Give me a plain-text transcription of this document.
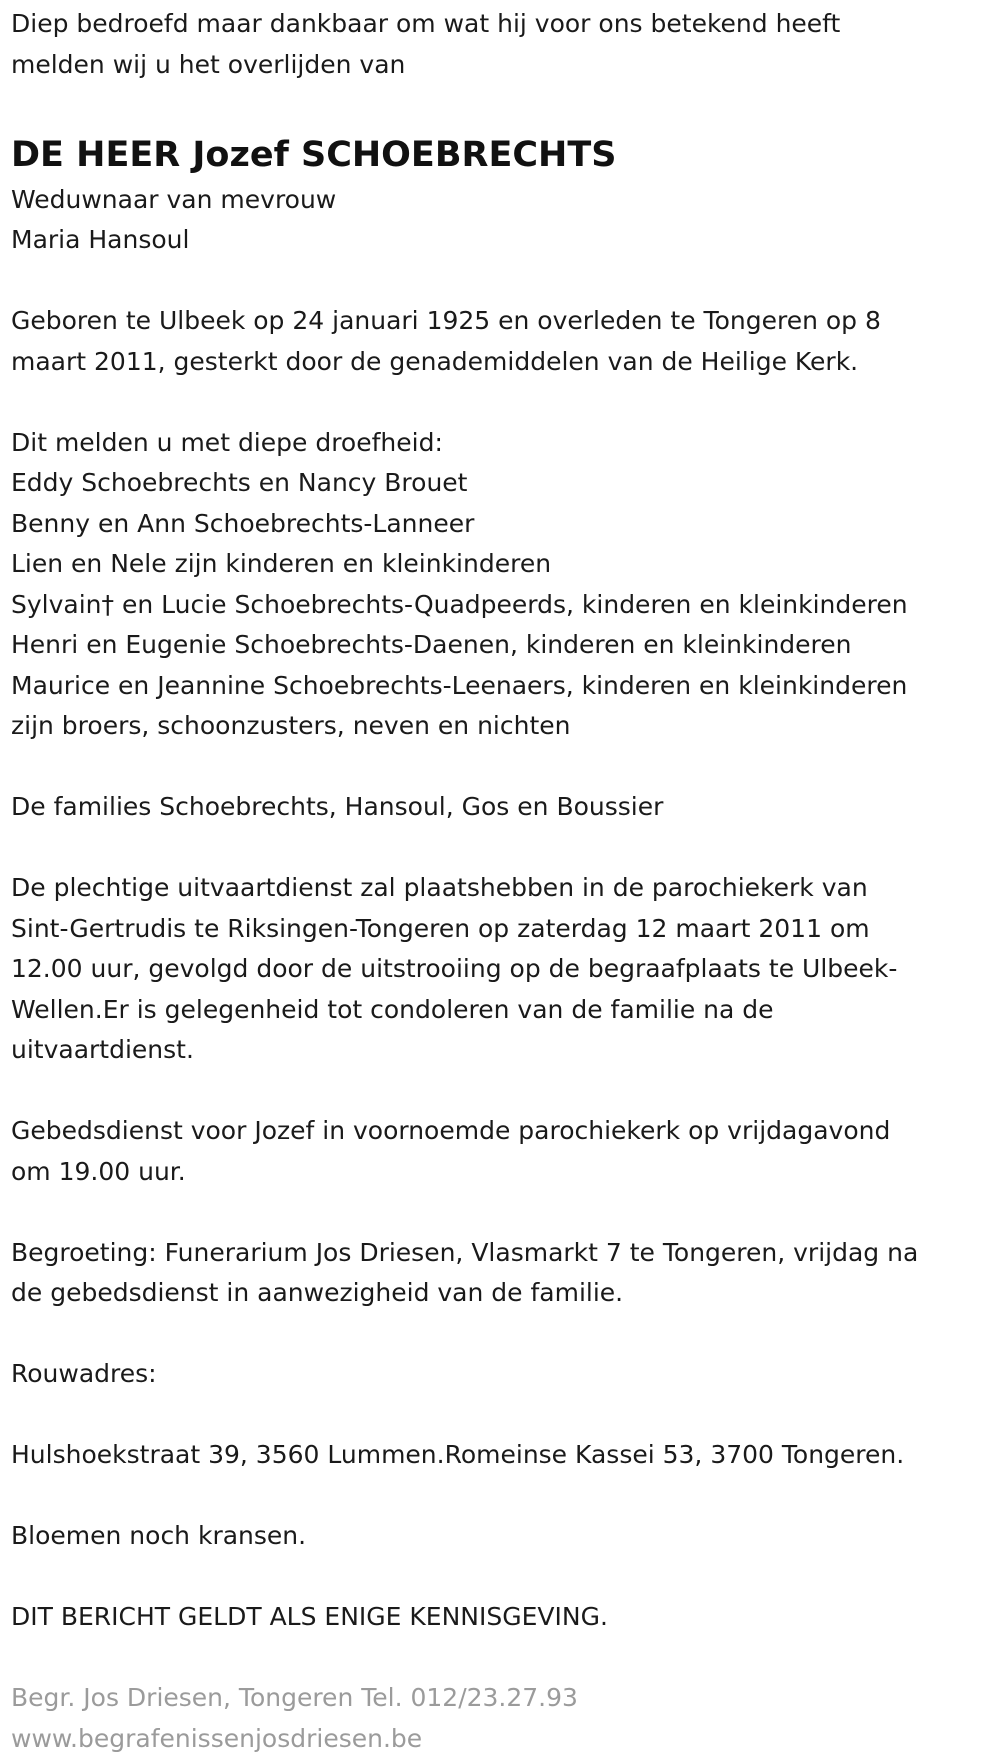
Diep bedroefd maar dankbaar om wat hij voor ons betekend heeft

melden wij u het overlijden van

DE HEER Jozef SCHOEBRECHTS

Weduwnaar van mevrouw

Maria Hansoul

Geboren te Ulbeek op 24 januari 1925 en overleden te Tongeren op 8

maart 2011, gesterkt door de genademiddelen van de Heilige Kerk.

Dit melden u met diepe droefheid:

Eddy Schoebrechts en Nancy Brouet

Benny en Ann Schoebrechts-Lanneer

Lien en Nele zijn kinderen en kleinkinderen

Sylvain† en Lucie Schoebrechts-Quadpeerds, kinderen en kleinkinderen

Henri en Eugenie Schoebrechts-Daenen, kinderen en kleinkinderen

Maurice en Jeannine Schoebrechts-Leenaers, kinderen en kleinkinderen

zijn broers, schoonzusters, neven en nichten

De families Schoebrechts, Hansoul, Gos en Boussier

De plechtige uitvaartdienst zal plaatshebben in de parochiekerk van

Sint-Gertrudis te Riksingen-Tongeren op zaterdag 12 maart 2011 om

12.00 uur, gevolgd door de uitstrooiing op de begraafplaats te Ulbeek-

Wellen.Er is gelegenheid tot condoleren van de familie na de

uitvaartdienst.

Gebedsdienst voor Jozef in voornoemde parochiekerk op vrijdagavond

om 19.00 uur.

Begroeting: Funerarium Jos Driesen, Vlasmarkt 7 te Tongeren, vrijdag na

de gebedsdienst in aanwezigheid van de familie.

Rouwadres:

Hulshoekstraat 39, 3560 Lummen.Romeinse Kassei 53, 3700 Tongeren.

Bloemen noch kransen.

DIT BERICHT GELDT ALS ENIGE KENNISGEVING.

Begr. Jos Driesen, Tongeren Tel. 012/23.27.93

www.begrafenissenjosdriesen.be
